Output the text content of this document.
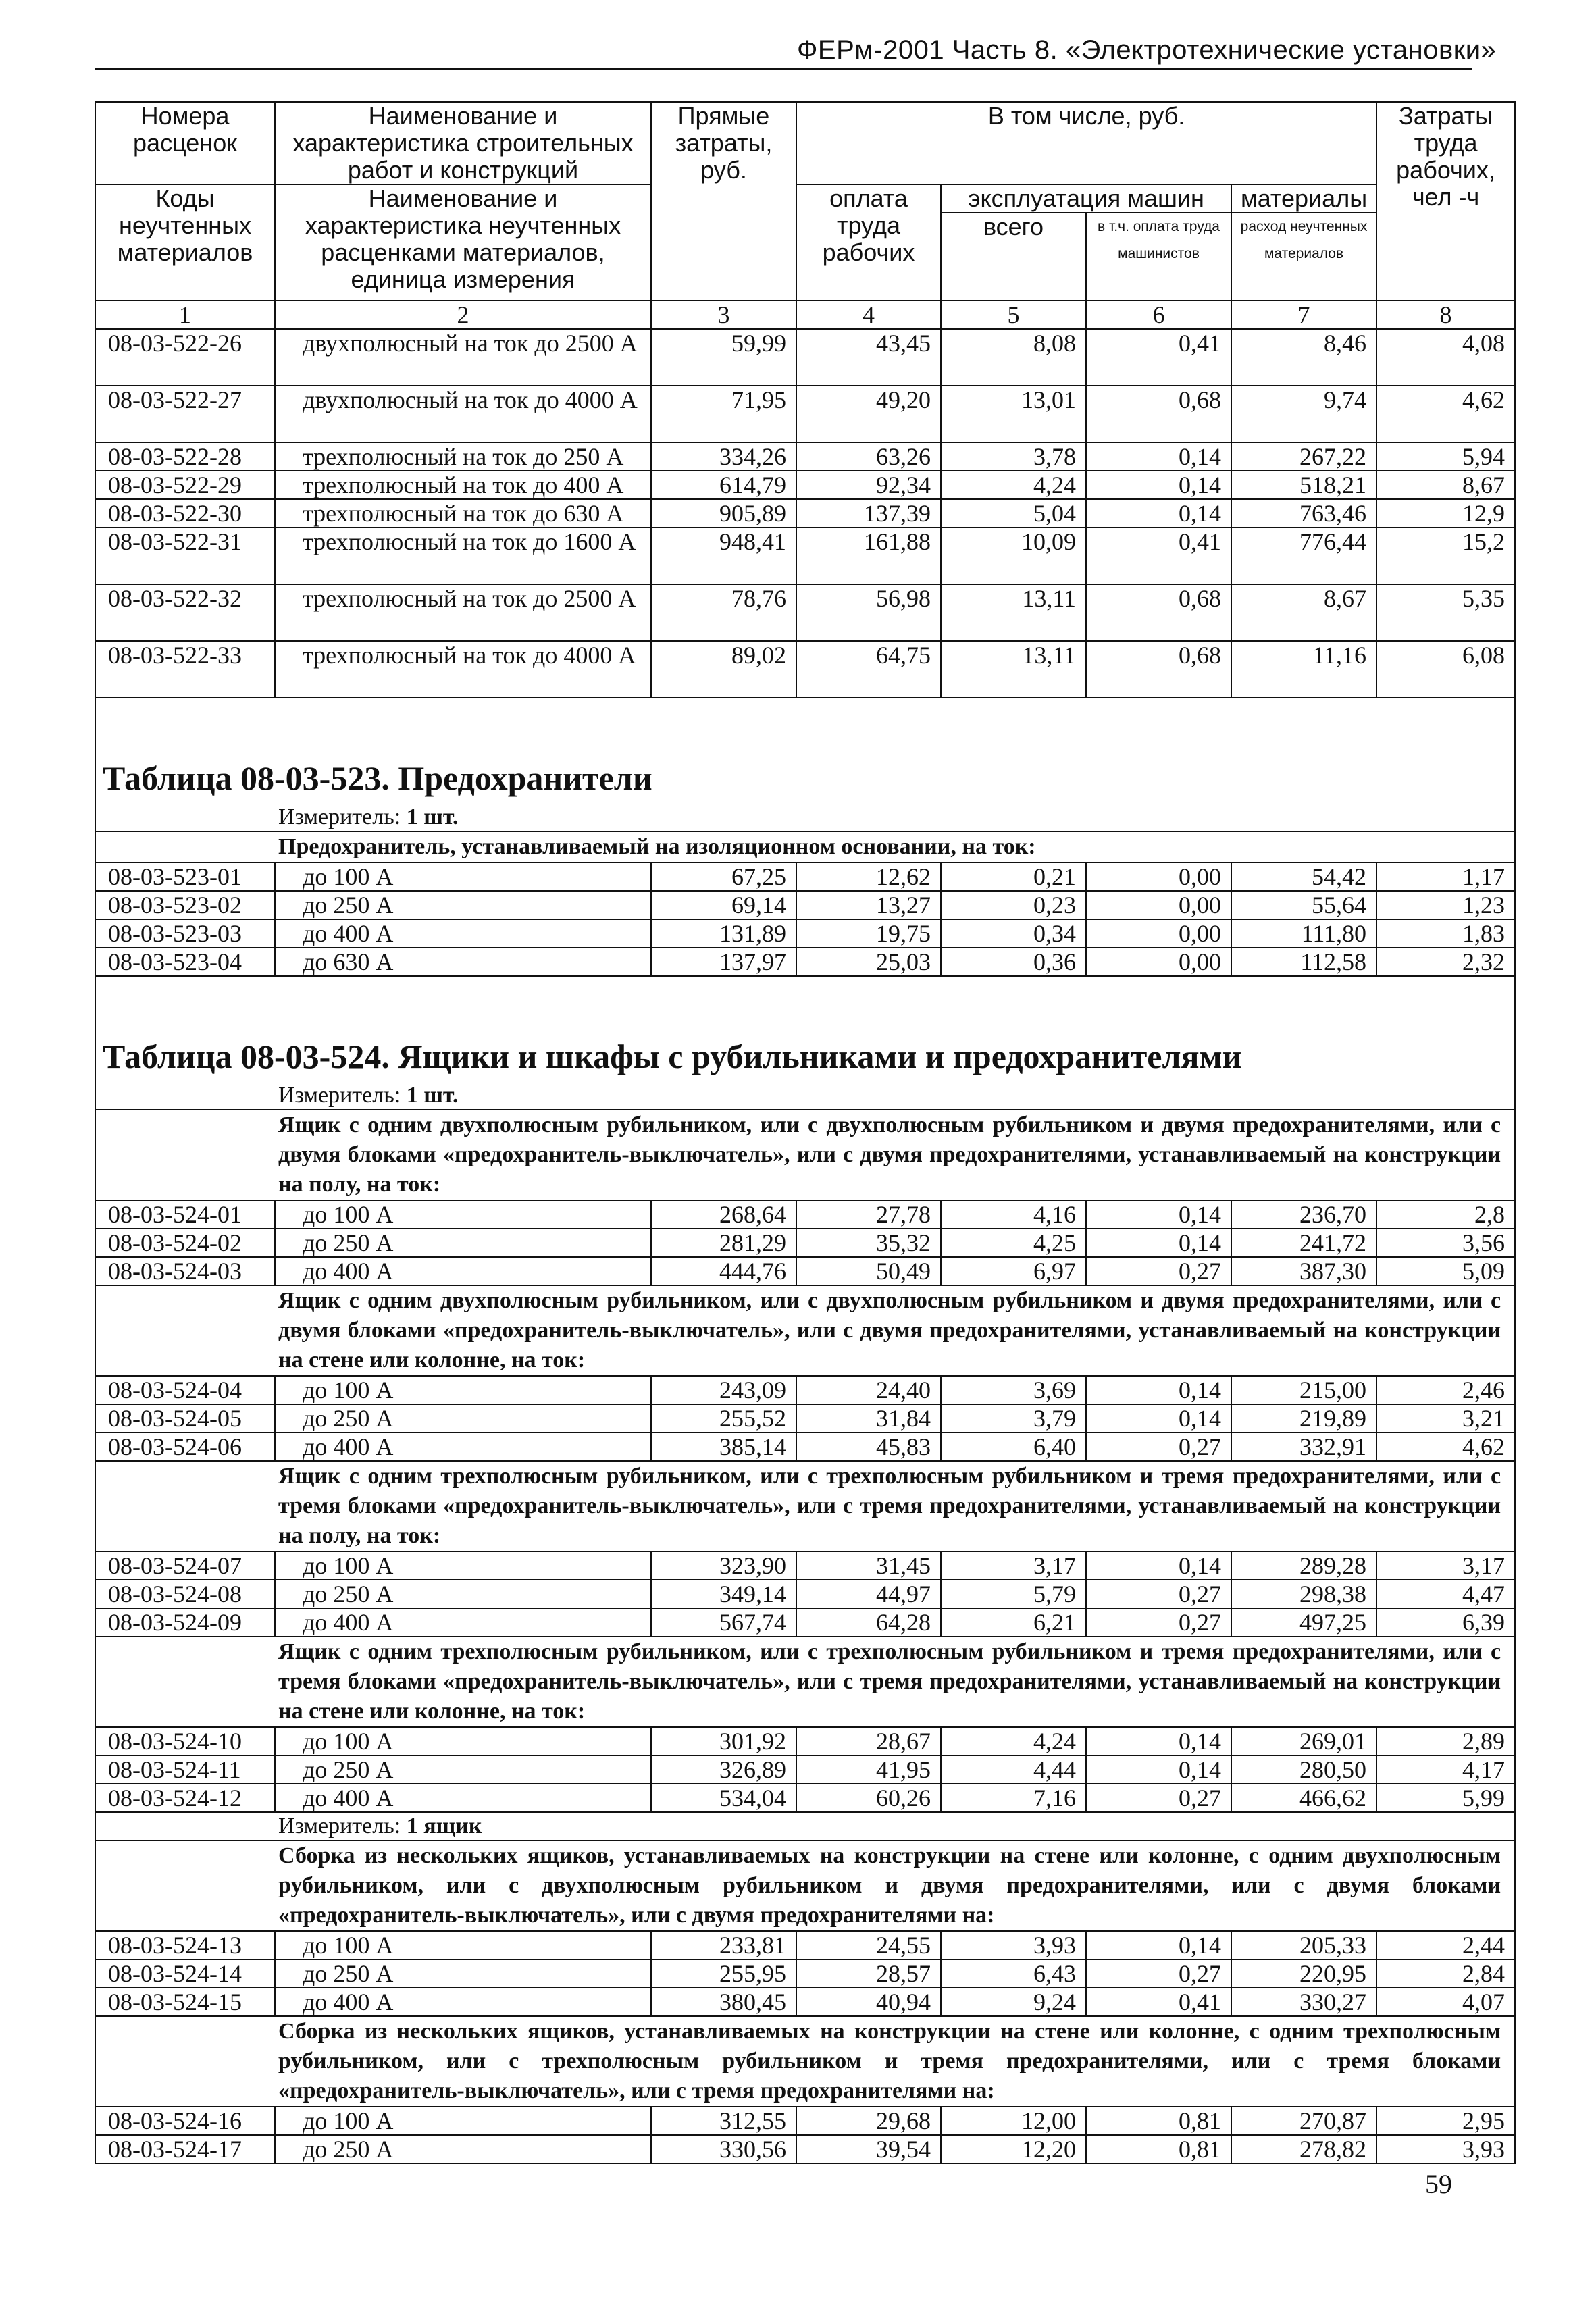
ФЕРм-2001 Часть 8. «Электротехнические установки»
Номера расценок	Наименование и характеристика строительных работ и конструкций	Прямые затраты, руб.	В том числе, руб.				Затраты труда рабочих, чел -ч
Коды неучтенных материалов	Наименование и характеристика неучтенных расценками материалов, единица измерения		оплата труда рабочих	эксплуатация машин		материалы	
				всего	в т.ч. оплата труда машинистов	расход неучтенных материалов	
1	2	3	4	5	6	7	8
08-03-522-26	двухполюсный на ток до 2500 А	59,99	43,45	8,08	0,41	8,46	4,08
08-03-522-27	двухполюсный на ток до 4000 А	71,95	49,20	13,01	0,68	9,74	4,62
08-03-522-28	трехполюсный на ток до 250 А	334,26	63,26	3,78	0,14	267,22	5,94
08-03-522-29	трехполюсный на ток до 400 А	614,79	92,34	4,24	0,14	518,21	8,67
08-03-522-30	трехполюсный на ток до 630 А	905,89	137,39	5,04	0,14	763,46	12,9
08-03-522-31	трехполюсный на ток до 1600 А	948,41	161,88	10,09	0,41	776,44	15,2
08-03-522-32	трехполюсный на ток до 2500 А	78,76	56,98	13,11	0,68	8,67	5,35
08-03-522-33	трехполюсный на ток до 4000 А	89,02	64,75	13,11	0,68	11,16	6,08

Таблица 08-03-523. Предохранители							

Измеритель: 1 шт.							

Предохранитель, устанавливаемый на изоляционном основании, на ток:							

08-03-523-01	до 100 А	67,25	12,62	0,21	0,00	54,42	1,17
08-03-523-02	до 250 А	69,14	13,27	0,23	0,00	55,64	1,23
08-03-523-03	до 400 А	131,89	19,75	0,34	0,00	111,80	1,83
08-03-523-04	до 630 А	137,97	25,03	0,36	0,00	112,58	2,32

Таблица 08-03-524. Ящики и шкафы с рубильниками и предохранителями							

Измеритель: 1 шт.							

Ящик с одним двухполюсным рубильником, или с двухполюсным рубильником и двумя предохранителями, или с двумя блоками «предохранитель-выключатель», или с двумя предохранителями, устанавливаемый на конструкции на полу, на ток:							

08-03-524-01	до 100 А	268,64	27,78	4,16	0,14	236,70	2,8
08-03-524-02	до 250 А	281,29	35,32	4,25	0,14	241,72	3,56
08-03-524-03	до 400 А	444,76	50,49	6,97	0,27	387,30	5,09

Ящик с одним двухполюсным рубильником, или с двухполюсным рубильником и двумя предохранителями, или с двумя блоками «предохранитель-выключатель», или с двумя предохранителями, устанавливаемый на конструкции на стене или колонне, на ток:							

08-03-524-04	до 100 А	243,09	24,40	3,69	0,14	215,00	2,46
08-03-524-05	до 250 А	255,52	31,84	3,79	0,14	219,89	3,21
08-03-524-06	до 400 А	385,14	45,83	6,40	0,27	332,91	4,62

Ящик с одним трехполюсным рубильником, или с трехполюсным рубильником и тремя предохранителями, или с тремя блоками «предохранитель-выключатель», или с тремя предохранителями, устанавливаемый на конструкции на полу, на ток:							

08-03-524-07	до 100 А	323,90	31,45	3,17	0,14	289,28	3,17
08-03-524-08	до 250 А	349,14	44,97	5,79	0,27	298,38	4,47
08-03-524-09	до 400 А	567,74	64,28	6,21	0,27	497,25	6,39

Ящик с одним трехполюсным рубильником, или с трехполюсным рубильником и тремя предохранителями, или с тремя блоками «предохранитель-выключатель», или с тремя предохранителями, устанавливаемый на конструкции на стене или колонне, на ток:							

08-03-524-10	до 100 А	301,92	28,67	4,24	0,14	269,01	2,89
08-03-524-11	до 250 А	326,89	41,95	4,44	0,14	280,50	4,17
08-03-524-12	до 400 А	534,04	60,26	7,16	0,27	466,62	5,99

Измеритель: 1 ящик							

Сборка из нескольких ящиков, устанавливаемых на конструкции на стене или колонне, с одним двухполюсным рубильником, или с двухполюсным рубильником и двумя предохранителями, или с двумя блоками «предохранитель-выключатель», или с двумя предохранителями на:							

08-03-524-13	до 100 А	233,81	24,55	3,93	0,14	205,33	2,44
08-03-524-14	до 250 А	255,95	28,57	6,43	0,27	220,95	2,84
08-03-524-15	до 400 А	380,45	40,94	9,24	0,41	330,27	4,07

Сборка из нескольких ящиков, устанавливаемых на конструкции на стене или колонне, с одним трехполюсным рубильником, или с трехполюсным рубильником и тремя предохранителями, или с тремя блоками «предохранитель-выключатель», или с тремя предохранителями на:							

08-03-524-16	до 100 А	312,55	29,68	12,00	0,81	270,87	2,95
08-03-524-17	до 250 А	330,56	39,54	12,20	0,81	278,82	3,93
59
